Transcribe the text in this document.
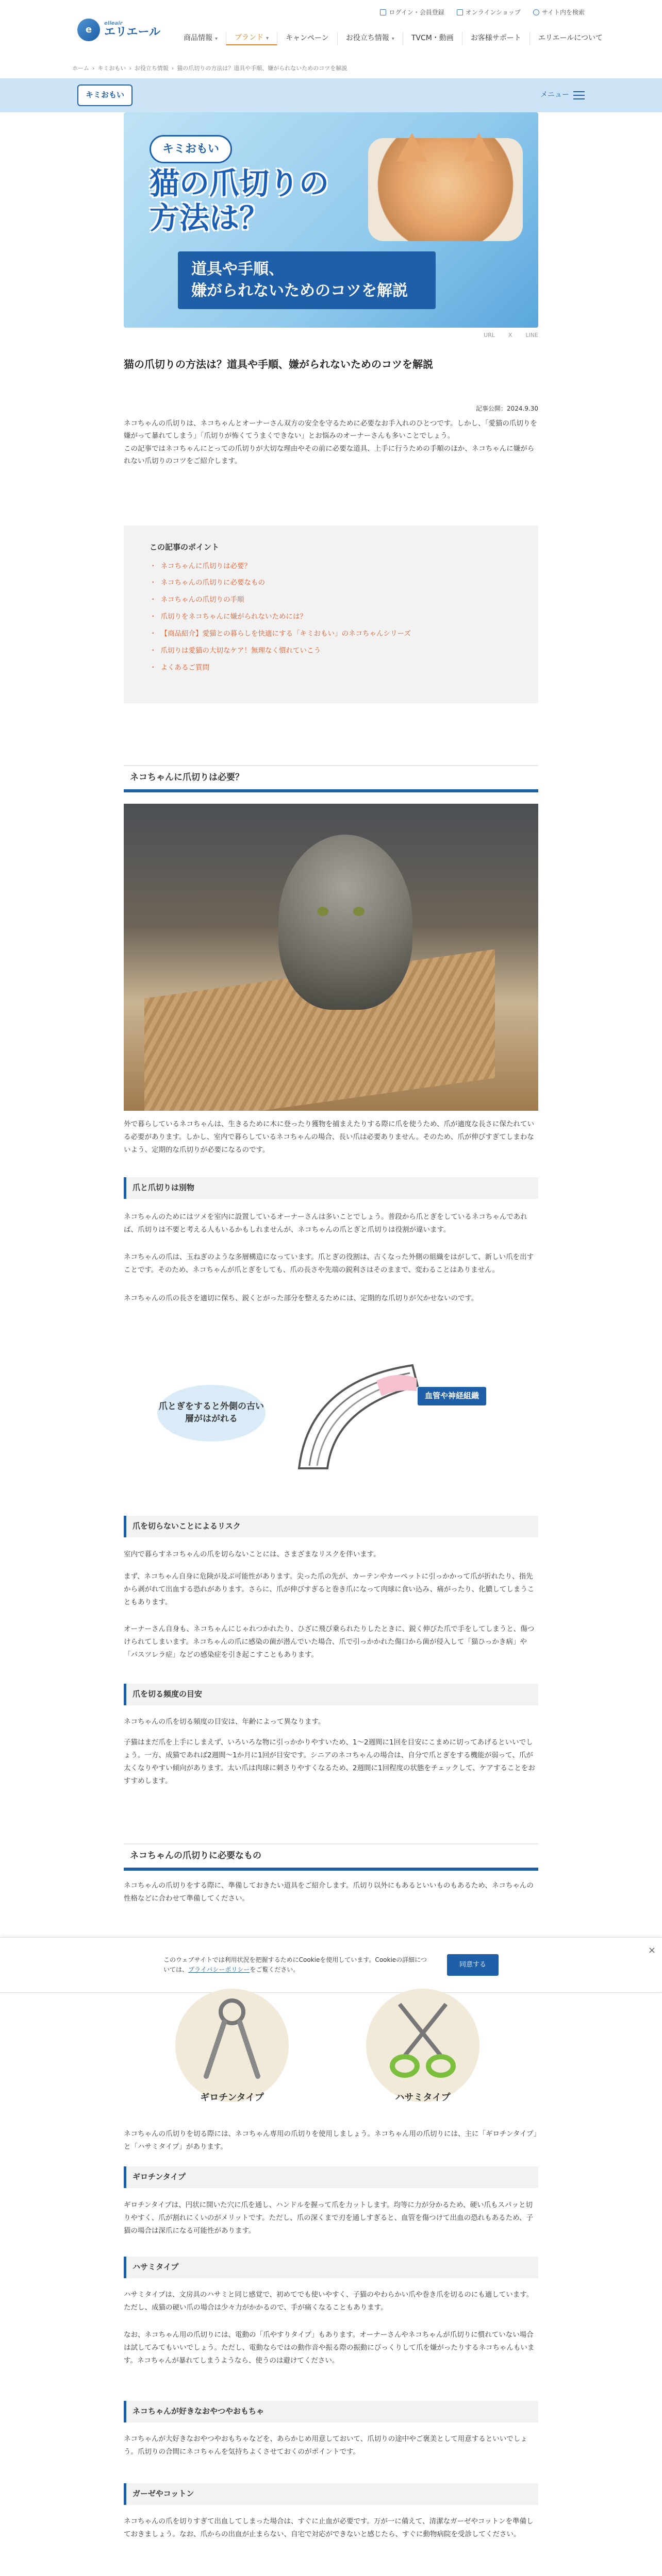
e
elleair
エリエール
ログイン・会員登録	オンラインショップ	サイト内を検索
商品情報 ▾ ブランド ▾ キャンペーン お役立ち情報 ▾ TVCM・動画 お客様サポート エリエールについて
ホーム › キミおもい › お役立ち情報 › 猫の爪切りの方法は？道具や手順、嫌がられないためのコツを解説
キミおもい	メニュー
キミおもい
猫の爪切りの
方法は？
道具や手順、
嫌がられないためのコツを解説
URL X LINE
猫の爪切りの方法は？道具や手順、嫌がられないためのコツを解説
記事公開：2024.9.30

ネコちゃんの爪切りは、ネコちゃんとオーナーさん双方の安全を守るために必要なお手入れのひとつです。しかし、「愛猫の爪切りを嫌がって暴れてしまう」「爪切りが怖くてうまくできない」とお悩みのオーナーさんも多いことでしょう。

この記事ではネコちゃんにとっての爪切りが大切な理由やその前に必要な道具、上手に行うための手順のほか、ネコちゃんに嫌がられない爪切りのコツをご紹介します。

この記事のポイント
・ ネコちゃんに爪切りは必要？
・ ネコちゃんの爪切りに必要なもの
・ ネコちゃんの爪切りの手順
・ 爪切りをネコちゃんに嫌がられないためには？
・ 【商品紹介】愛猫との暮らしを快適にする「キミおもい」のネコちゃんシリーズ
・ 爪切りは愛猫の大切なケア！無理なく慣れていこう
・ よくあるご質問
ネコちゃんに爪切りは必要？

外で暮らしているネコちゃんは、生きるために木に登ったり獲物を捕まえたりする際に爪を使うため、爪が適度な長さに保たれている必要があります。しかし、室内で暮らしているネコちゃんの場合、長い爪は必要ありません。そのため、爪が伸びすぎてしまわないよう、定期的な爪切りが必要になるのです。

爪と爪切りは別物

ネコちゃんのためにはツメを室内に設置しているオーナーさんは多いことでしょう。普段から爪とぎをしているネコちゃんであれば、爪切りは不要と考える人もいるかもしれませんが、ネコちゃんの爪とぎと爪切りは役割が違います。

ネコちゃんの爪は、玉ねぎのような多層構造になっています。爪とぎの役割は、古くなった外側の組織をはがして、新しい爪を出すことです。そのため、ネコちゃんが爪とぎをしても、爪の長さや先端の鋭利さはそのままで、変わることはありません。

ネコちゃんの爪の長さを適切に保ち、鋭くとがった部分を整えるためには、定期的な爪切りが欠かせないのです。

爪とぎをすると外側の古い層がはがれる
血管や神経組織
爪を切らないことによるリスク

室内で暮らすネコちゃんの爪を切らないことには、さまざまなリスクを伴います。

まず、ネコちゃん自身に危険が及ぶ可能性があります。尖った爪の先が、カーテンやカーペットに引っかかって爪が折れたり、指先から剥がれて出血する恐れがあります。さらに、爪が伸びすぎると巻き爪になって肉球に食い込み、痛がったり、化膿してしまうこともあります。

オーナーさん自身も、ネコちゃんにじゃれつかれたり、ひざに飛び乗られたりしたときに、鋭く伸びた爪で手をしてしまうと、傷つけられてしまいます。ネコちゃんの爪に感染の菌が潜んでいた場合、爪で引っかかれた傷口から菌が侵入して「猫ひっかき病」や「パスツレラ症」などの感染症を引き起こすこともあります。

爪を切る頻度の目安

ネコちゃんの爪を切る頻度の目安は、年齢によって異なります。

子猫はまだ爪を上手にしまえず、いろいろな物に引っかかりやすいため、1〜2週間に1回を目安にこまめに切ってあげるといいでしょう。一方、成猫であれば2週間〜1か月に1回が目安です。シニアのネコちゃんの場合は、自分で爪とぎをする機能が弱って、爪が太くなりやすい傾向があります。太い爪は肉球に刺さりやすくなるため、2週間に1回程度の状態をチェックして、ケアすることをおすすめします。

ネコちゃんの爪切りに必要なもの

ネコちゃんの爪切りをする際に、準備しておきたい道具をご紹介します。爪切り以外にもあるといいものもあるため、ネコちゃんの性格などに合わせて準備してください。

このウェブサイトでは利用状況を把握するためにCookieを使用しています。Cookieの詳細については、プライバシーポリシーをご覧ください。
同意する
×
ギロチンタイプ	ハサミタイプ

ネコちゃんの爪切りを切る際には、ネコちゃん専用の爪切りを使用しましょう。ネコちゃん用の爪切りには、主に「ギロチンタイプ」と「ハサミタイプ」があります。

ギロチンタイプ

ギロチンタイプは、円状に開いた穴に爪を通し、ハンドルを握って爪を力ットします。均等に力が分かるため、硬い爪もスパッと切りやすく、爪が割れにくいのがメリットです。ただし、爪の深くまで刃を通しすぎると、血管を傷つけて出血の恐れもあるため、子猫の場合は深爪になる可能性があります。

ハサミタイプ

ハサミタイプは、文房具のハサミと同じ感覚で、初めてでも使いやすく、子猫のやわらかい爪や巻き爪を切るのにも適しています。ただし、成猫の硬い爪の場合は少々力がかかるので、手が痛くなることもあります。

なお、ネコちゃん用の爪切りには、電動の「爪やすりタイプ」もあります。オーナーさんやネコちゃんが爪切りに慣れていない場合は試してみてもいいでしょう。ただし、電動ならではの動作音や振る際の振動にびっくりして爪を嫌がったりするネコちゃんもいます。ネコちゃんが暴れてしまうようなら、使うのは避けてください。

ネコちゃんが好きなおやつやおもちゃ

ネコちゃんが大好きなおやつやおもちゃなどを、あらかじめ用意しておいて、爪切りの途中やご褒美として用意するといいでしょう。爪切りの合間にネコちゃんを気持ちよくさせておくのがポイントです。

ガーゼやコットン

ネコちゃんの爪を切りすぎて出血してしまった場合は、すぐに止血が必要です。万が一に備えて、清潔なガーゼやコットンを準備しておきましょう。なお、爪からの出血が止まらない、自宅で対応ができないと感じたら、すぐに動物病院を受診してください。
